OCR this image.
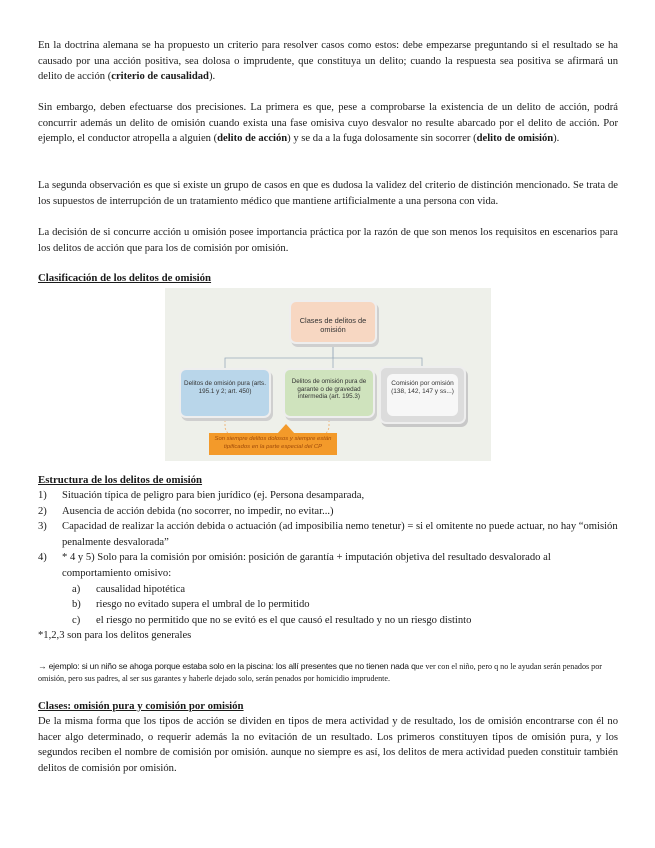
En la doctrina alemana se ha propuesto un criterio para resolver casos como estos: debe empezarse preguntando si el resultado se ha causado por una acción positiva, sea dolosa o imprudente, que constituya un delito; cuando la respuesta sea positiva se afirmará un delito de acción (criterio de causalidad).
Sin embargo, deben efectuarse dos precisiones. La primera es que, pese a comprobarse la existencia de un delito de acción, podrá concurrir además un delito de omisión cuando exista una fase omisiva cuyo desvalor no resulte abarcado por el delito de acción. Por ejemplo, el conductor atropella a alguien (delito de acción) y se da a la fuga dolosamente sin socorrer (delito de omisión).
La segunda observación es que si existe un grupo de casos en que es dudosa la validez del criterio de distinción mencionado. Se trata de los supuestos de interrupción de un tratamiento médico que mantiene artificialmente a una persona con vida.
La decisión de si concurre acción u omisión posee importancia práctica por la razón de que son menos los requisitos en escenarios para los delitos de acción que para los de comisión por omisión.
Clasificación de los delitos de omisión
Clases de delitos de omisión
Delitos de omisión pura (arts. 195.1 y 2; art. 450)
Delitos de omisión pura de garante o de gravedad intermedia (art. 195.3)
Comisión por omisión (138, 142, 147 y ss...)
Son siempre delitos dolosos y siempre están tipificados en la parte especial del CP
Estructura de los delitos de omisión
1)	Situación típica de peligro para bien jurídico (ej. Persona desamparada,
2)	Ausencia de acción debida (no socorrer, no impedir, no evitar...)
3)	Capacidad de realizar la acción debida o actuación (ad imposibilia nemo tenetur) = si el omitente no puede actuar, no hay “omisión penalmente desvalorada”
4)	* 4 y 5) Solo para la comisión por omisión: posición de garantía + imputación objetiva del resultado desvalorado al comportamiento omisivo:
a) causalidad hipotética
b) riesgo no evitado supera el umbral de lo permitido
c) el riesgo no permitido que no se evitó es el que causó el resultado y no un riesgo distinto
*1,2,3 son para los delitos generales
→ ejemplo: si un niño se ahoga porque estaba solo en la piscina: los allí presentes que no tienen nada que ver con el niño, pero q no le ayudan serán penados por omisión, pero sus padres, al ser sus garantes y haberle dejado solo, serán penados por homicidio imprudente.
Clases: omisión pura y comisión por omisión
De la misma forma que los tipos de acción se dividen en tipos de mera actividad y de resultado, los de omisión encontrarse con él no hacer algo determinado, o requerir además la no evitación de un resultado. Los primeros constituyen tipos de omisión pura, y los segundos reciben el nombre de comisión por omisión. aunque no siempre es así, los delitos de mera actividad pueden constituir también delitos de comisión por omisión.
